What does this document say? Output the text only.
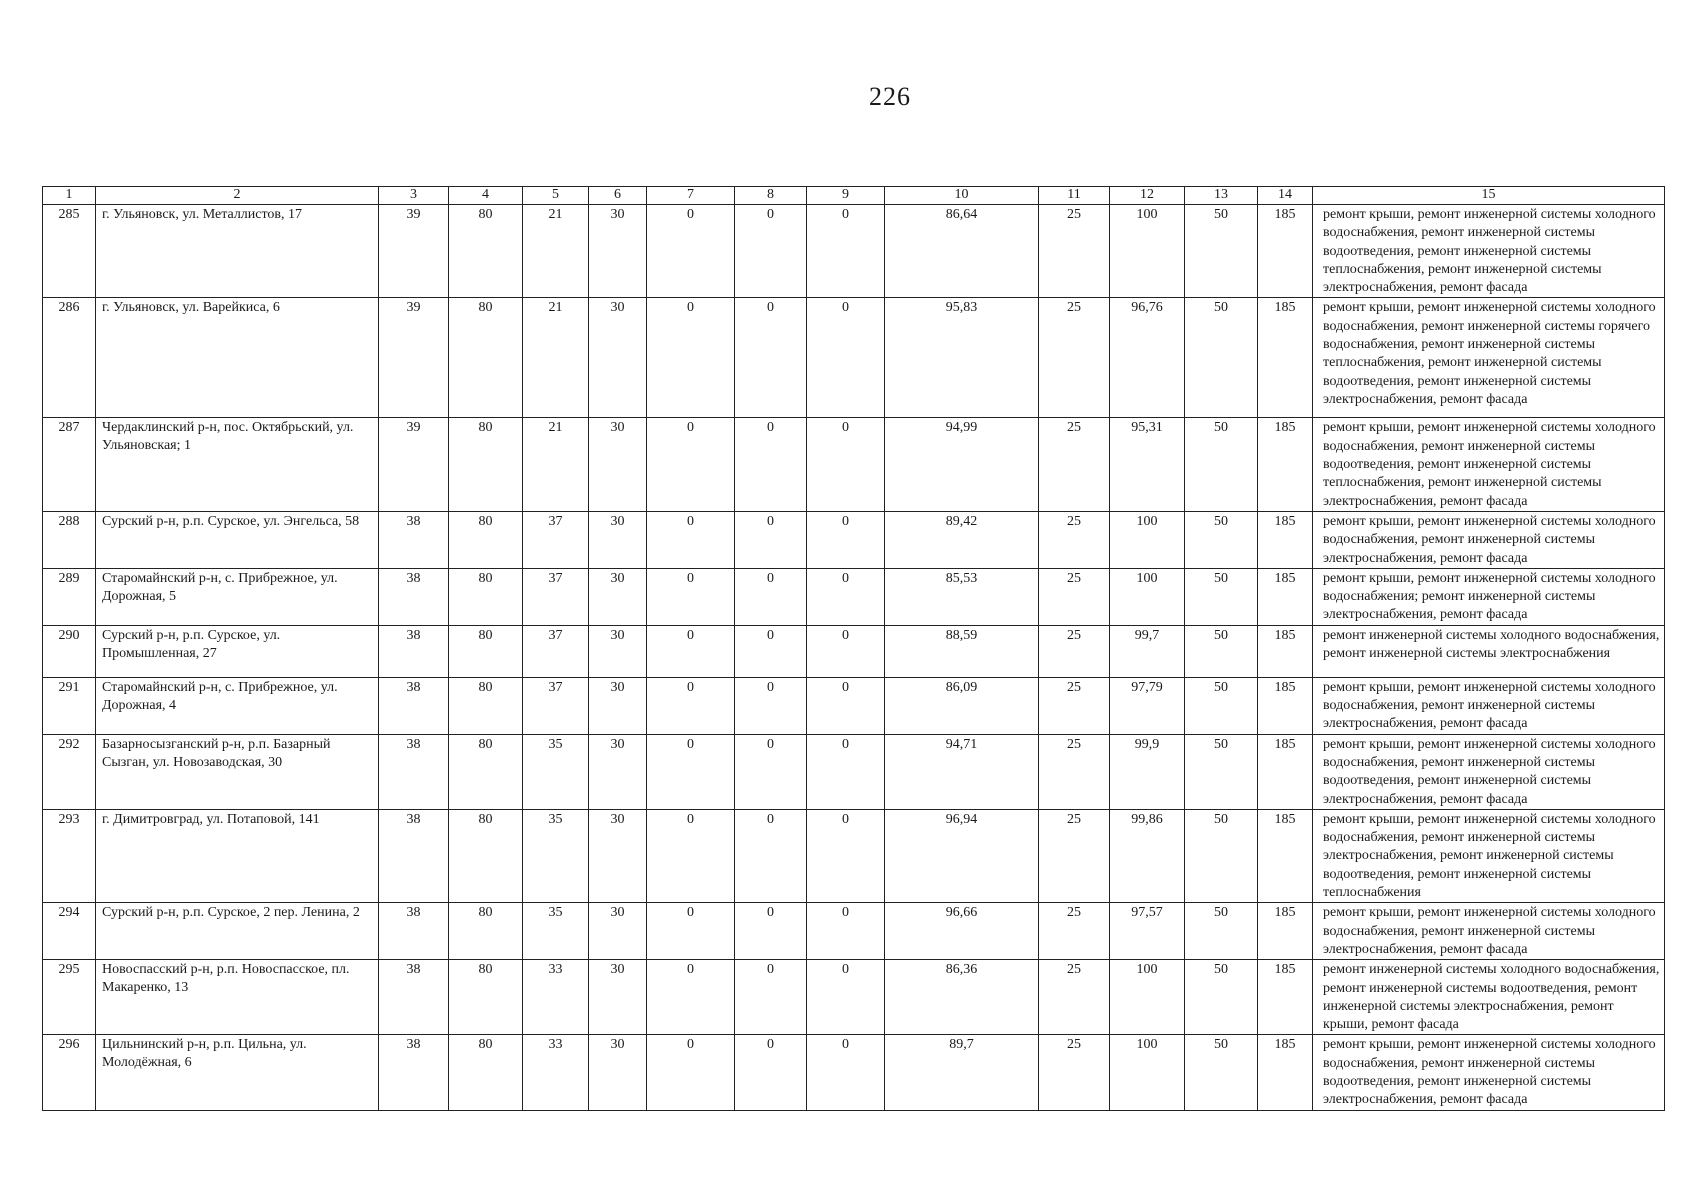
226
1	2	3	4	5	6	7	8	9	10	11	12	13	14	15
285	г. Ульяновск, ул. Металлистов, 17	39	80	21	30	0	0	0	86,64	25	100	50	185	ремонт крыши, ремонт инженерной системы холодного водоснабжения, ремонт инженерной системы водоотведения, ремонт инженерной системы теплоснабжения, ремонт инженерной системы электроснабжения, ремонт фасада
286	г. Ульяновск, ул. Варейкиса, 6	39	80	21	30	0	0	0	95,83	25	96,76	50	185	ремонт крыши, ремонт инженерной системы холодного водоснабжения, ремонт инженерной системы горячего водоснабжения, ремонт инженерной системы теплоснабжения, ремонт инженерной системы водоотведения, ремонт инженерной системы электроснабжения, ремонт фасада
287	Чердаклинский р-н, пос. Октябрьский, ул. Ульяновская; 1	39	80	21	30	0	0	0	94,99	25	95,31	50	185	ремонт крыши, ремонт инженерной системы холодного водоснабжения, ремонт инженерной системы водоотведения, ремонт инженерной системы теплоснабжения, ремонт инженерной системы электроснабжения, ремонт фасада
288	Сурский р-н, р.п. Сурское, ул. Энгельса, 58	38	80	37	30	0	0	0	89,42	25	100	50	185	ремонт крыши, ремонт инженерной системы холодного водоснабжения, ремонт инженерной системы электроснабжения, ремонт фасада
289	Старомайнский р-н, с. Прибрежное, ул. Дорожная, 5	38	80	37	30	0	0	0	85,53	25	100	50	185	ремонт крыши, ремонт инженерной системы холодного водоснабжения; ремонт инженерной системы электроснабжения, ремонт фасада
290	Сурский р-н, р.п. Сурское, ул. Промышленная, 27	38	80	37	30	0	0	0	88,59	25	99,7	50	185	ремонт инженерной системы холодного водоснабжения, ремонт инженерной системы электроснабжения
291	Старомайнский р-н, с. Прибрежное, ул. Дорожная, 4	38	80	37	30	0	0	0	86,09	25	97,79	50	185	ремонт крыши, ремонт инженерной системы холодного водоснабжения, ремонт инженерной системы электроснабжения, ремонт фасада
292	Базарносызганский р-н, р.п. Базарный Сызган, ул. Новозаводская, 30	38	80	35	30	0	0	0	94,71	25	99,9	50	185	ремонт крыши, ремонт инженерной системы холодного водоснабжения, ремонт инженерной системы водоотведения, ремонт инженерной системы электроснабжения, ремонт фасада
293	г. Димитровград, ул. Потаповой, 141	38	80	35	30	0	0	0	96,94	25	99,86	50	185	ремонт крыши, ремонт инженерной системы холодного водоснабжения, ремонт инженерной системы электроснабжения, ремонт инженерной системы водоотведения, ремонт инженерной системы теплоснабжения
294	Сурский р-н, р.п. Сурское, 2 пер. Ленина, 2	38	80	35	30	0	0	0	96,66	25	97,57	50	185	ремонт крыши, ремонт инженерной системы холодного водоснабжения, ремонт инженерной системы электроснабжения, ремонт фасада
295	Новоспасский р-н, р.п. Новоспасское, пл. Макаренко, 13	38	80	33	30	0	0	0	86,36	25	100	50	185	ремонт инженерной системы холодного водоснабжения, ремонт инженерной системы водоотведения, ремонт инженерной системы электроснабжения, ремонт крыши, ремонт фасада
296	Цильнинский р-н, р.п. Цильна, ул. Молодёжная, 6	38	80	33	30	0	0	0	89,7	25	100	50	185	ремонт крыши, ремонт инженерной системы холодного водоснабжения, ремонт инженерной системы водоотведения, ремонт инженерной системы электроснабжения, ремонт фасада
